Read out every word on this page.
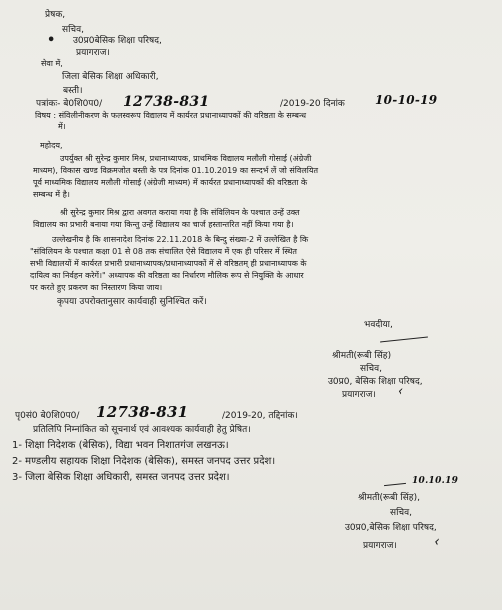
प्रेषक,
सचिव,
• उ0प्र0बेसिक शिक्षा परिषद,
प्रयागराज।
सेवा में,
जिला बेसिक शिक्षा अधिकारी,
बस्ती।
पत्रांकः- बे0शि0प0/ 12738-831	/2019-20 दिनांक	10-10-19
विषय : संविलीनीकरण के फलस्वरूप विद्यालय में कार्यरत प्रधानाध्यापकों की वरिष्ठता के सम्बन्ध
में।
महोदय,
उपर्युक्त श्री सुरेन्द्र कुमार मिश्र, प्रधानाध्यापक, प्राथमिक विद्यालय मलौली गोसाई (अंग्रेजी
माध्यम), विकास खण्ड विक्रमजोत बस्ती के पत्र दिनांक 01.10.2019 का सन्दर्भ लें जो संविलयित
पूर्व माध्यमिक विद्यालय मलौली गोसाई (अंग्रेजी माध्यम) में कार्यरत प्रधानाध्यापकों की वरिष्ठता के
सम्बन्ध में है।
श्री सुरेन्द्र कुमार मिश्र द्वारा अवगत कराया गया है कि संविलियन के पश्चात उन्हें उक्त
विद्यालय का प्रभारी बनाया गया किन्तु उन्हें विद्यालय का चार्ज हस्तान्तरित नहीं किया गया है।
उल्लेखनीय है कि शासनादेश दिनांक 22.11.2018 के बिन्दु संख्या-2 में उल्लेखित है कि
"संविलियन के पश्चात कक्षा 01 से 08 तक संचालित ऐसे विद्यालय में एक ही परिसर में स्थित
सभी विद्यालयों में कार्यरत प्रभारी प्रधानाध्यापक/प्रधानाध्यापकों में से वरिष्ठतम् ही प्रधानाध्यापक के
दायित्व का निर्वहन करेगें।" अध्यापक की वरिष्ठता का निर्धारण मौलिक रूप से नियुक्ति के आधार
पर करते हुए प्रकरण का निस्तारण किया जाय।
कृपया उपरोक्तानुसार कार्यवाही सुनिश्चित करें।
भवदीया,
श्रीमती(रूबी सिंह)
सचिव,
उ0प्र0, बेसिक शिक्षा परिषद,
प्रयागराज। ᚲ
पृ0सं0 बे0शि0प0/ 12738-831	/2019-20, तद्दिनांक।
प्रतिलिपि निम्नांकित को सूचनार्थ एवं आवश्यक कार्यवाही हेतु प्रेषित।
1- शिक्षा निदेशक (बेसिक), विद्या भवन निशातगंज लखनऊ।
2- मण्डलीय सहायक शिक्षा निदेशक (बेसिक), समस्त जनपद उत्तर प्रदेश।
3- जिला बेसिक शिक्षा अधिकारी, समस्त जनपद उत्तर प्रदेश।	10.10.19
श्रीमती(रूबी सिंह),
सचिव,
उ0प्र0,बेसिक शिक्षा परिषद,
प्रयागराज।	ᚲ
